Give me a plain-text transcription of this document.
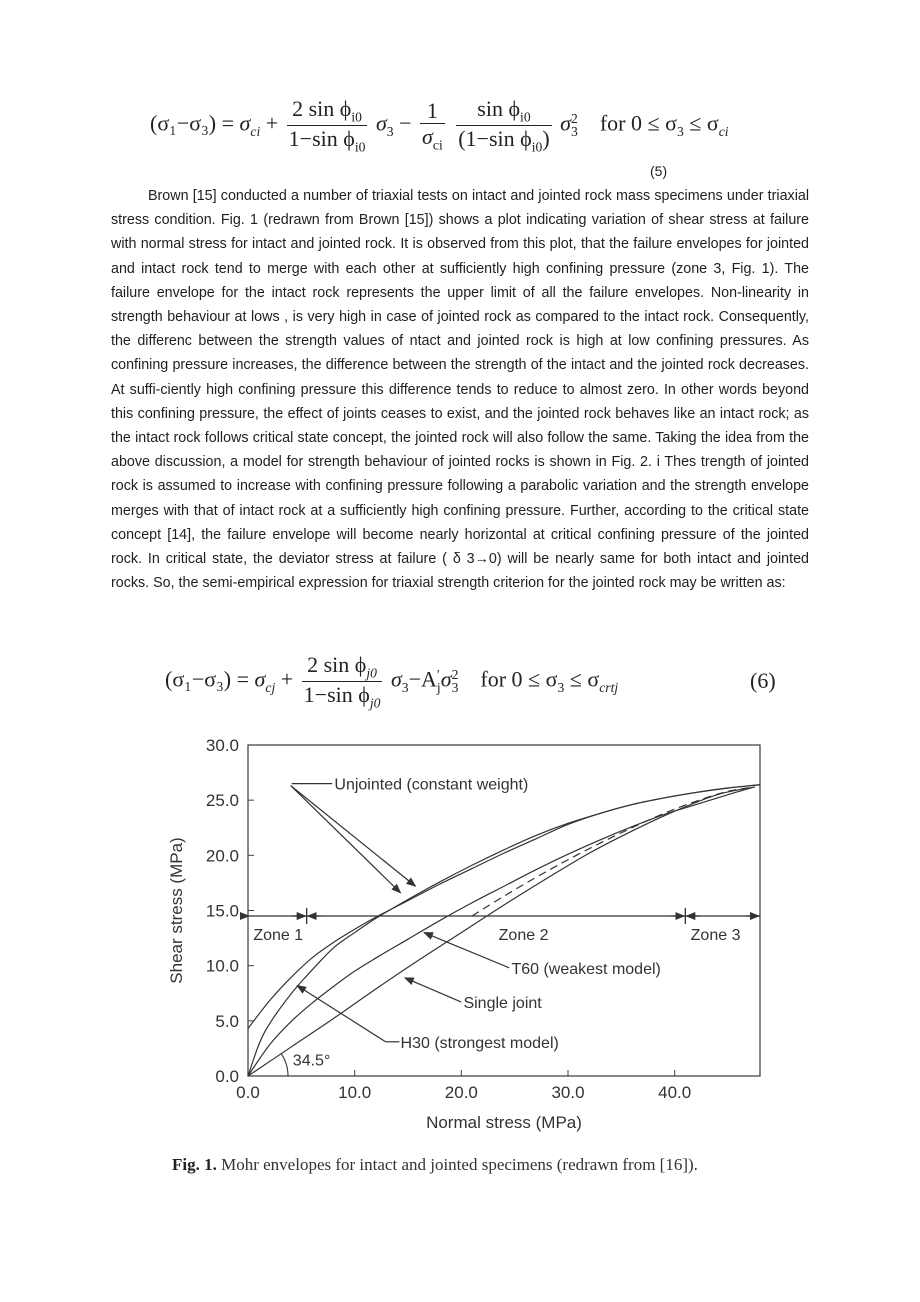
$(\sigma_1-\sigma_3) = \sigma_{ci} + \frac{2 \sin \phi_{i0}}{1-\sin \phi_{i0}} \sigma_3 - \frac{1}{\sigma_{ci}}$
$\frac{\sin \phi_{i0}}{(1-\sin \phi_{i0})}$ σ 2
3 for $0 \le \sigma_3 \le \sigma_{ci}$
(5)

Brown [15] conducted a number of triaxial tests on intact and jointed rock mass specimens under triaxial stress condition. Fig. 1 (redrawn from Brown [15]) shows a plot indicating variation of shear stress at failure with normal stress for intact and jointed rock. It is observed from this plot, that the failure envelopes for jointed and intact rock tend to merge with each other at sufficiently high confining pressure (zone 3, Fig. 1). The failure envelope for the intact rock represents the upper limit of all the failure envelopes. Non-linearity in strength behaviour at lows , is very high in case of jointed rock as compared to the intact rock. Consequently, the differenc between the strength values of ntact and jointed rock is high at low confining pressures. As confining pressure increases, the difference between the strength of the intact and the jointed rock decreases. At suffi-ciently high confining pressure this difference tends to reduce to almost zero. In other words beyond this confining pressure, the effect of joints ceases to exist, and the jointed rock behaves like an intact rock; as the intact rock follows critical state concept, the jointed rock will also follow the same. Taking the idea from the above discussion, a model for strength behaviour of jointed rocks is shown in Fig. 2. i Thes trength of jointed rock is assumed to increase with confining pressure following a parabolic variation and the strength envelope merges with that of intact rock at a sufficiently high confining pressure. Further, according to the critical state concept [14], the failure envelope will become nearly horizontal at critical confining pressure of the jointed rock. In critical state, the deviator stress at failure ( δ 3→0) will be nearly same for both intact and jointed rocks. So, the semi-empirical expression for triaxial strength criterion for the jointed rock may be written as:

$(\sigma_1-\sigma_3) = \sigma_{cj} + \frac{2 \sin \phi_{j0}}{1-\sin \phi_{j0}} \sigma_3-A$ ′
j σ 2
3 for $0 \le \sigma_3 \le \sigma_{crtj}$	(6)
0.0	10.0	20.0	30.0	40.0
0.0
5.0
10.0
15.0
20.0
25.0
30.0
Zone 1	Zone 2	Zone 3
Unjointed (constant weight)
T60 (weakest model)
Single joint
H30 (strongest model)
34.5°
Normal stress (MPa)
Shear stress (MPa)
Fig. 1. Mohr envelopes for intact and jointed specimens (redrawn from [16]).
